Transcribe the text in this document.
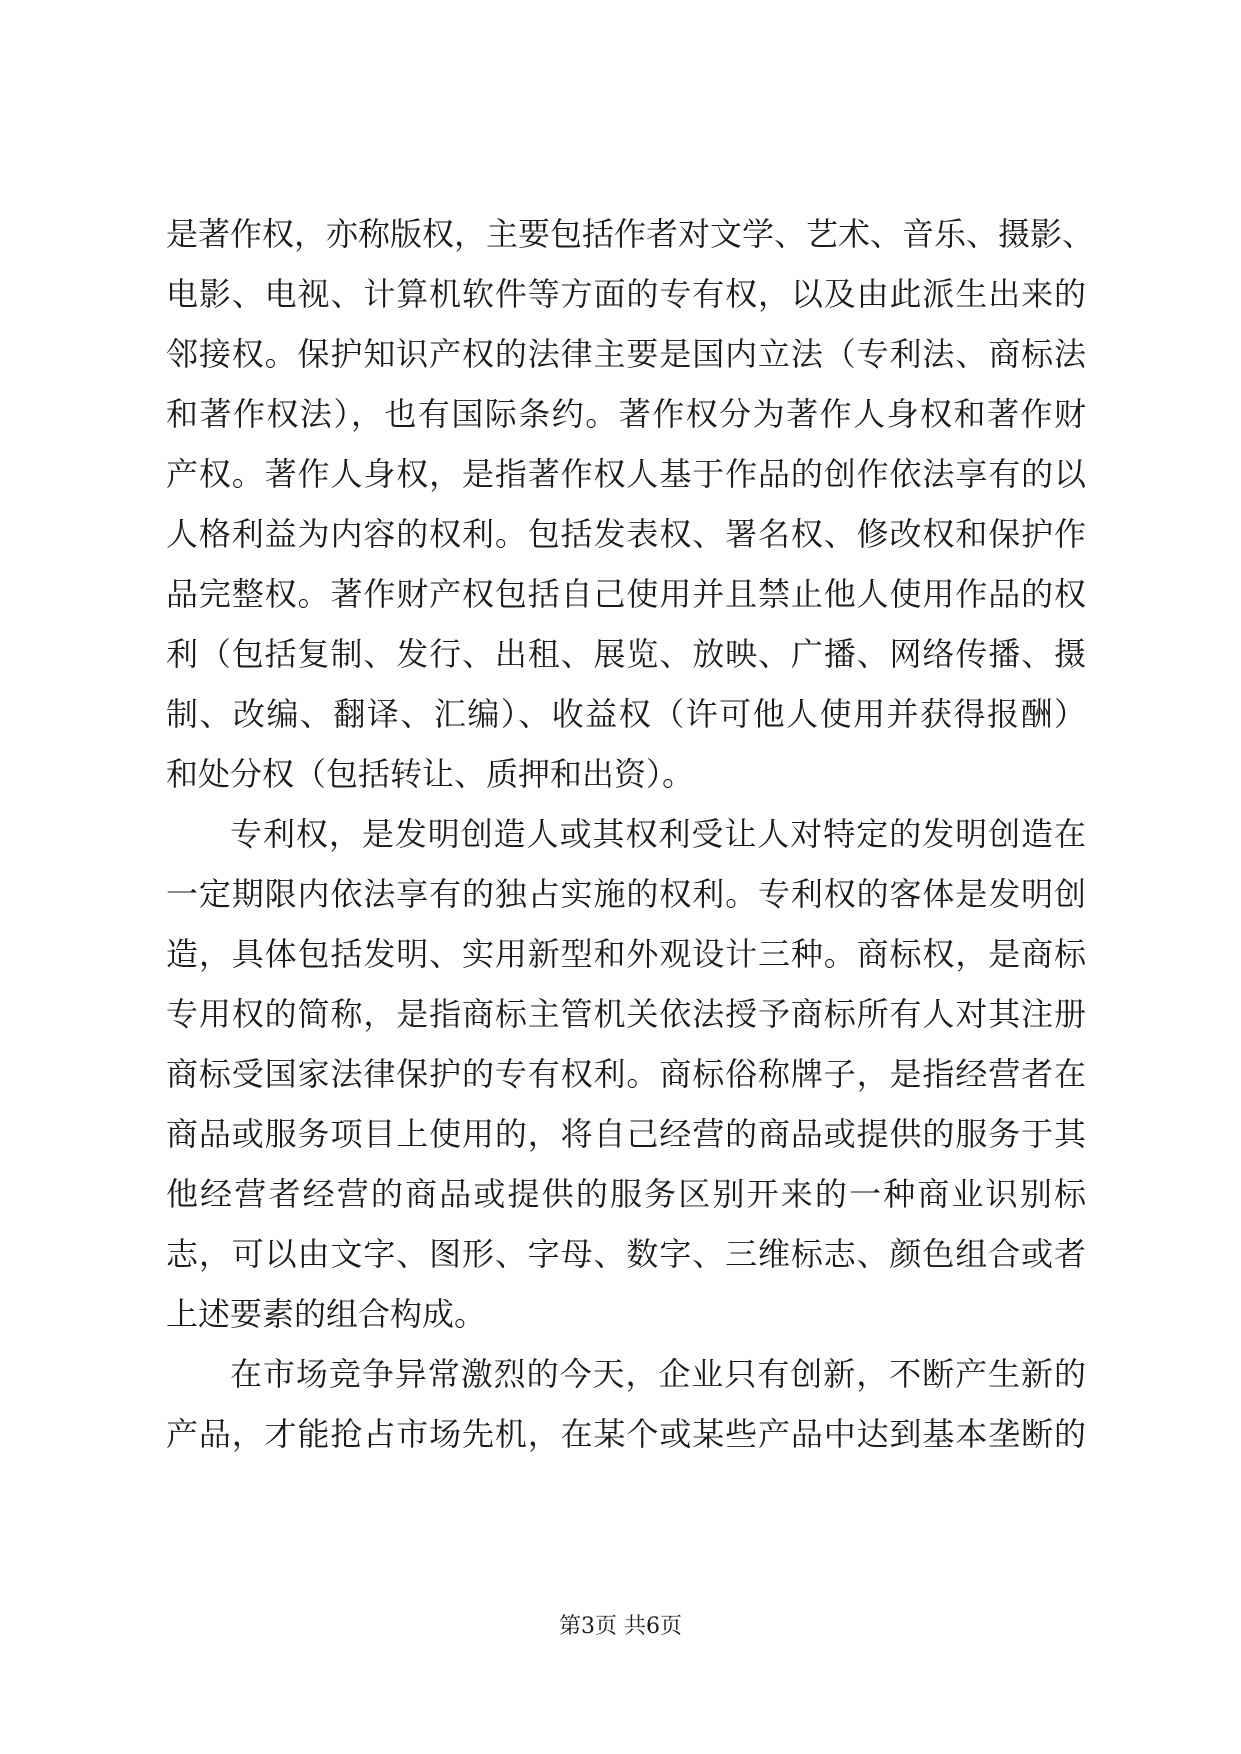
是著作权，亦称版权，主要包括作者对文学、艺术、音乐、摄影、
电影、电视、计算机软件等方面的专有权，以及由此派生出来的
邻接权。保护知识产权的法律主要是国内立法（专利法、商标法
和著作权法），也有国际条约。著作权分为著作人身权和著作财
产权。著作人身权，是指著作权人基于作品的创作依法享有的以
人格利益为内容的权利。包括发表权、署名权、修改权和保护作
品完整权。著作财产权包括自己使用并且禁止他人使用作品的权
利（包括复制、发行、出租、展览、放映、广播、网络传播、摄
制、改编、翻译、汇编）、收益权（许可他人使用并获得报酬）
和处分权（包括转让、质押和出资）。
专利权，是发明创造人或其权利受让人对特定的发明创造在
一定期限内依法享有的独占实施的权利。专利权的客体是发明创
造，具体包括发明、实用新型和外观设计三种。商标权，是商标
专用权的简称，是指商标主管机关依法授予商标所有人对其注册
商标受国家法律保护的专有权利。商标俗称牌子，是指经营者在
商品或服务项目上使用的，将自己经营的商品或提供的服务于其
他经营者经营的商品或提供的服务区别开来的一种商业识别标
志，可以由文字、图形、字母、数字、三维标志、颜色组合或者
上述要素的组合构成。
在市场竞争异常激烈的今天，企业只有创新，不断产生新的
产品，才能抢占市场先机，在某个或某些产品中达到基本垄断的
第3页 共6页
